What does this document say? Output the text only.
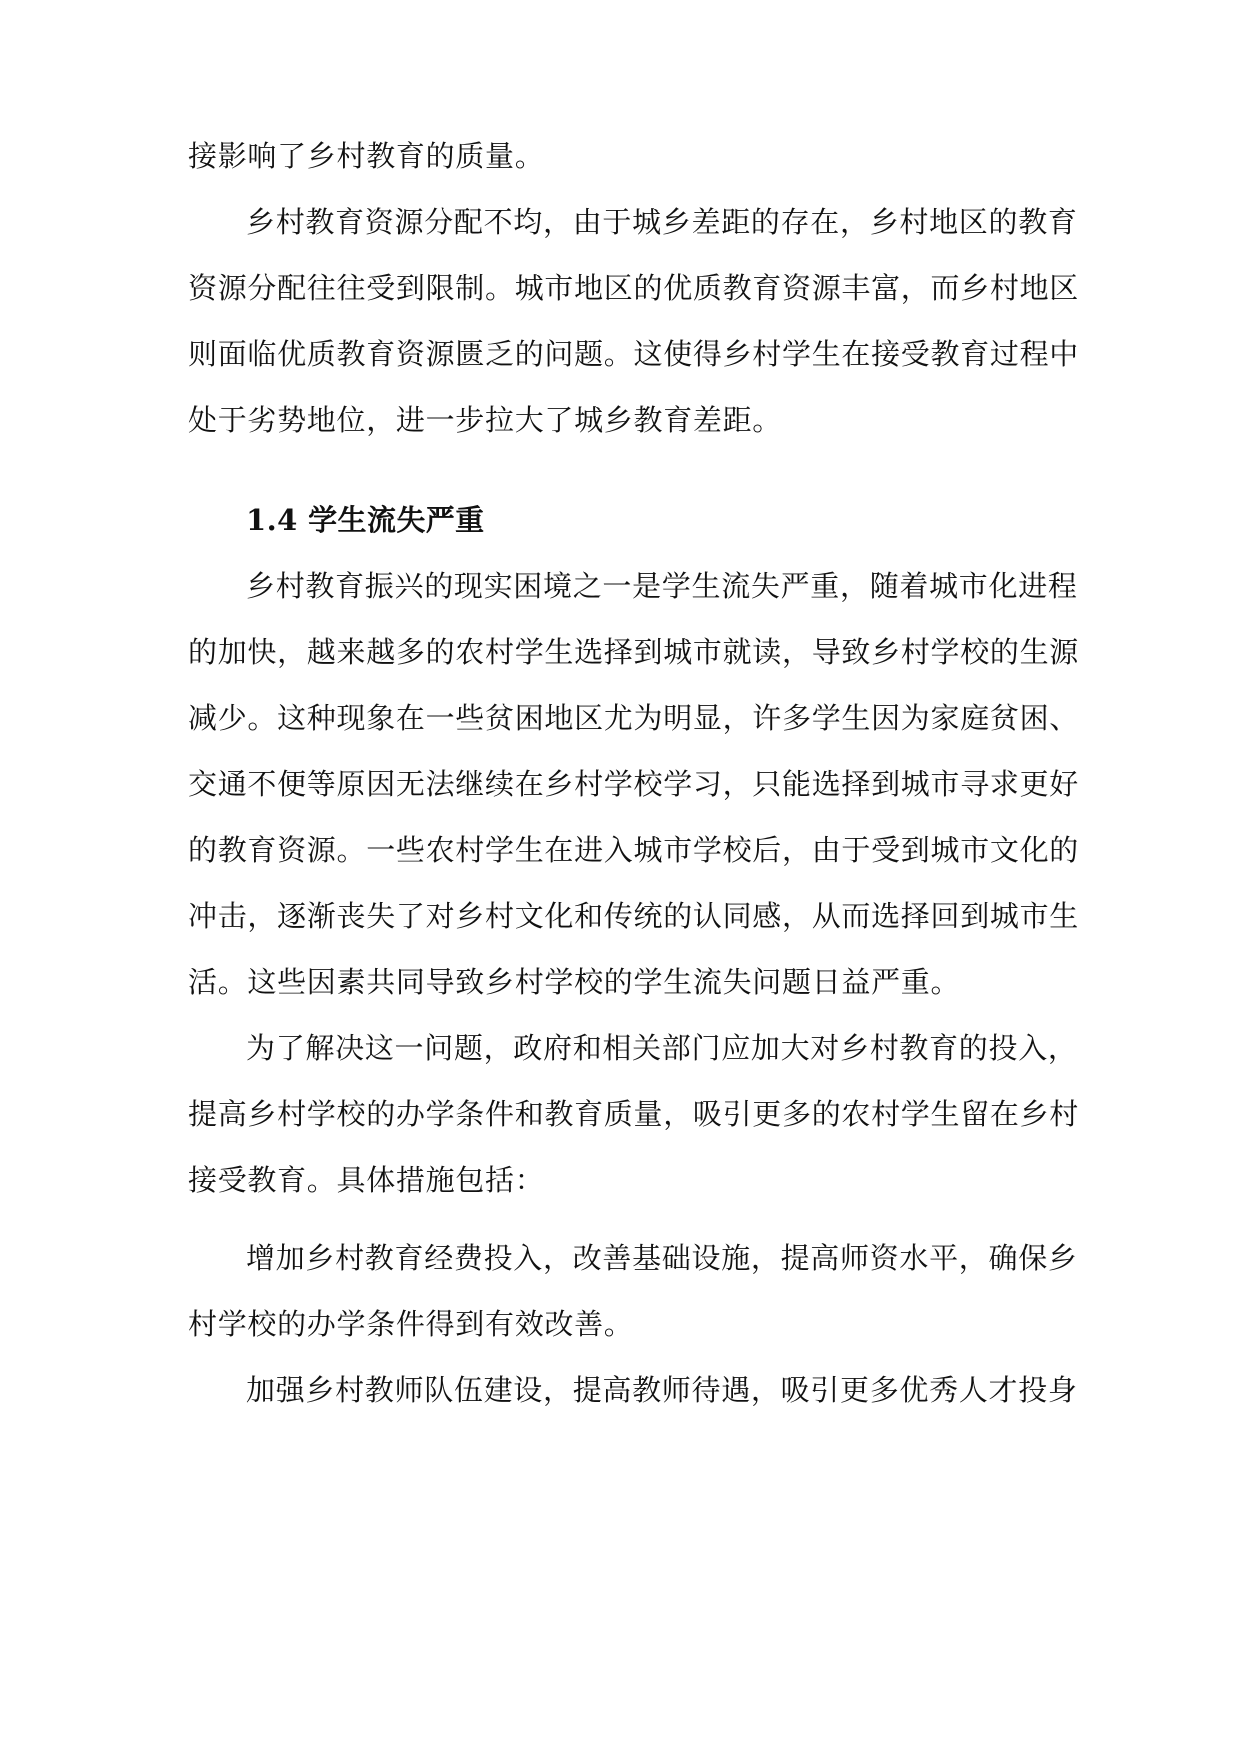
接影响了乡村教育的质量。
乡村教育资源分配不均，由于城乡差距的存在，乡村地区的教育
资源分配往往受到限制。城市地区的优质教育资源丰富，而乡村地区
则面临优质教育资源匮乏的问题。这使得乡村学生在接受教育过程中
处于劣势地位，进一步拉大了城乡教育差距。
1.4 学生流失严重
乡村教育振兴的现实困境之一是学生流失严重，随着城市化进程
的加快，越来越多的农村学生选择到城市就读，导致乡村学校的生源
减少。这种现象在一些贫困地区尤为明显，许多学生因为家庭贫困、
交通不便等原因无法继续在乡村学校学习，只能选择到城市寻求更好
的教育资源。一些农村学生在进入城市学校后，由于受到城市文化的
冲击，逐渐丧失了对乡村文化和传统的认同感，从而选择回到城市生
活。这些因素共同导致乡村学校的学生流失问题日益严重。
为了解决这一问题，政府和相关部门应加大对乡村教育的投入，
提高乡村学校的办学条件和教育质量，吸引更多的农村学生留在乡村
接受教育。具体措施包括：
增加乡村教育经费投入，改善基础设施，提高师资水平，确保乡
村学校的办学条件得到有效改善。
加强乡村教师队伍建设，提高教师待遇，吸引更多优秀人才投身
